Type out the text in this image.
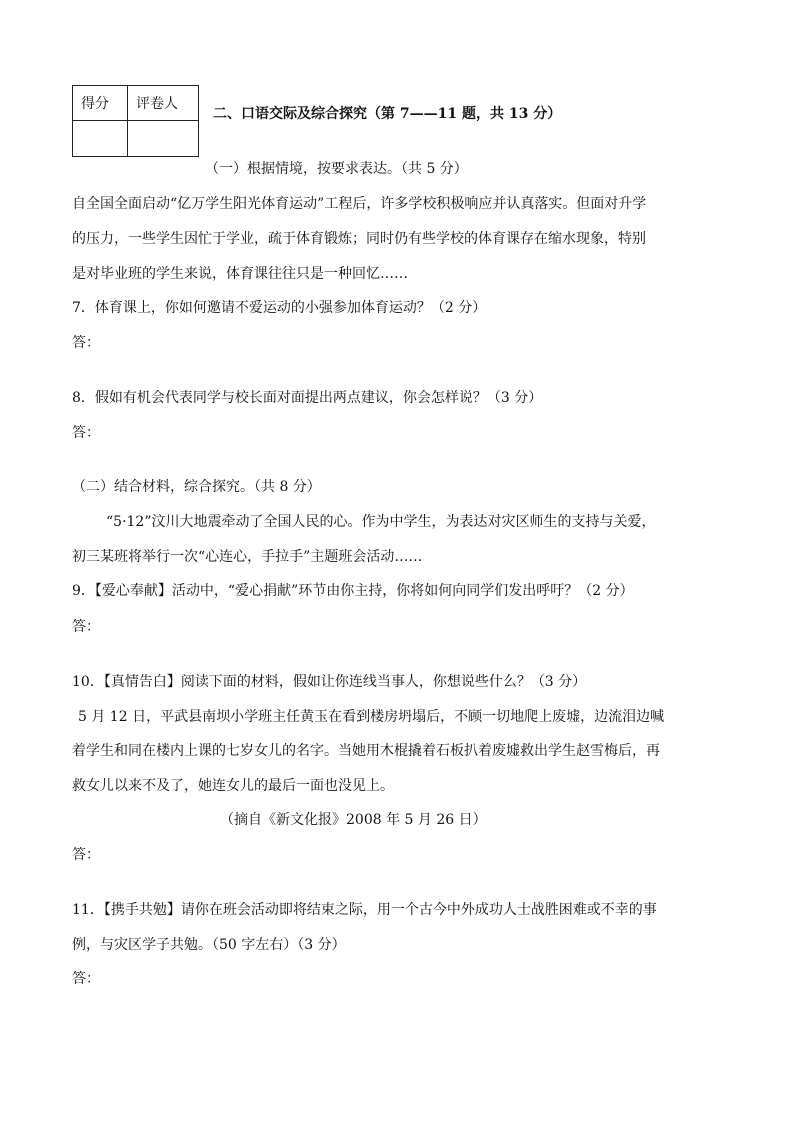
得分	评卷人

二、口语交际及综合探究（第 7——11 题，共 13 分）
（一）根据情境，按要求表达。（共 5 分）
自全国全面启动“亿万学生阳光体育运动”工程后，许多学校积极响应并认真落实。但面对升学
的压力，一些学生因忙于学业，疏于体育锻炼；同时仍有些学校的体育课存在缩水现象，特别
是对毕业班的学生来说，体育课往往只是一种回忆……
7．体育课上，你如何邀请不爱运动的小强参加体育运动？（2 分）
答：
8．假如有机会代表同学与校长面对面提出两点建议，你会怎样说？（3 分）
答：
（二）结合材料，综合探究。（共 8 分）
“5·12”汶川大地震牵动了全国人民的心。作为中学生，为表达对灾区师生的支持与关爱，
初三某班将举行一次“心连心，手拉手”主题班会活动……
9．【爱心奉献】活动中，“爱心捐献”环节由你主持，你将如何向同学们发出呼吁？（2 分）
答：
10．【真情告白】阅读下面的材料，假如让你连线当事人，你想说些什么？（3 分）
5 月 12 日，平武县南坝小学班主任黄玉在看到楼房坍塌后，不顾一切地爬上废墟，边流泪边喊
着学生和同在楼内上课的七岁女儿的名字。当她用木棍撬着石板扒着废墟救出学生赵雪梅后，再
救女儿以来不及了，她连女儿的最后一面也没见上。
（摘自《新文化报》2008 年 5 月 26 日）
答：
11．【携手共勉】请你在班会活动即将结束之际，用一个古今中外成功人士战胜困难或不幸的事
例，与灾区学子共勉。（50 字左右）（3 分）
答：
